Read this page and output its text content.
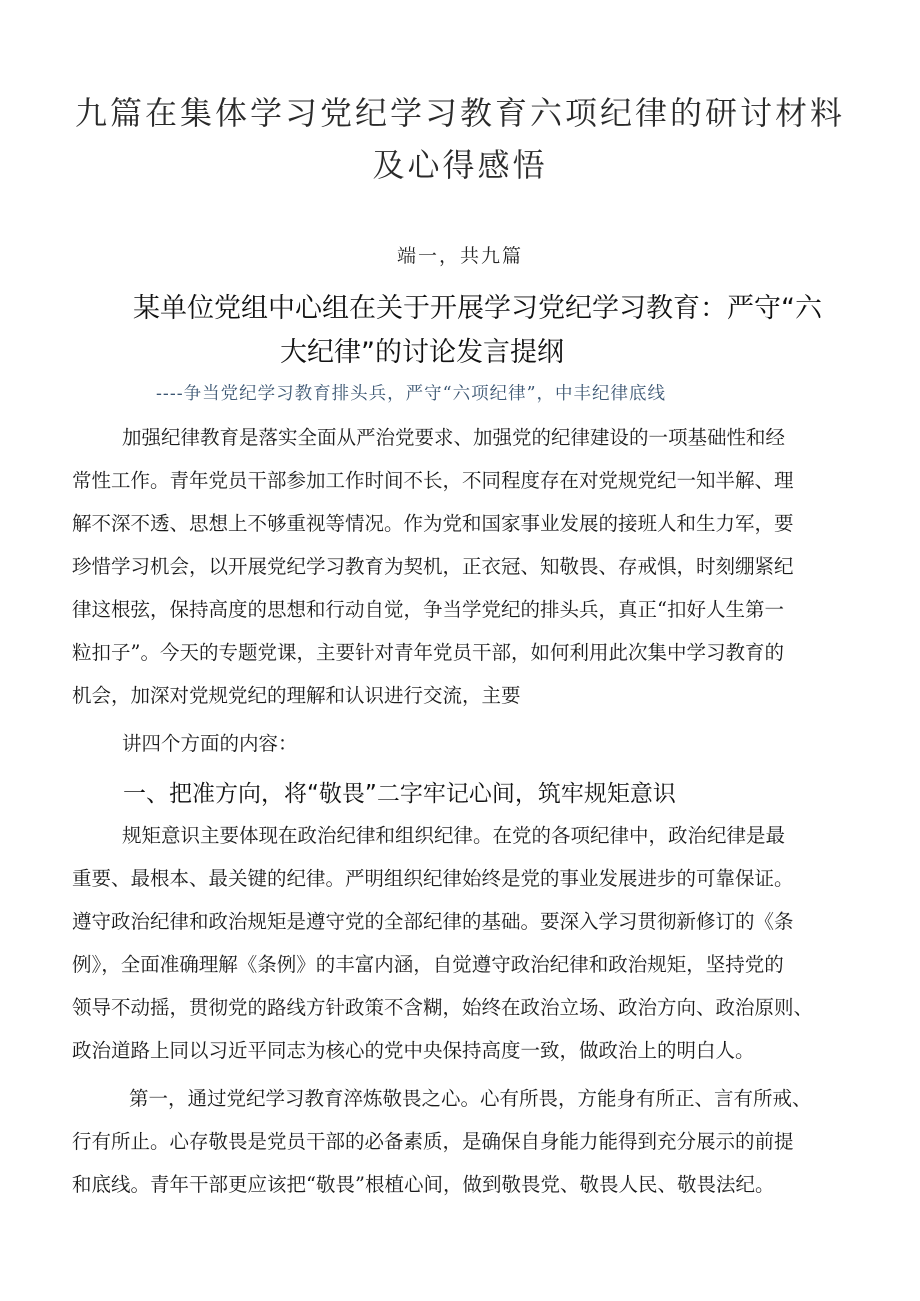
九篇在集体学习党纪学习教育六项纪律的研讨材料
及心得感悟
端一，共九篇
某单位党组中心组在关于开展学习党纪学习教育：严守“六
大纪律”的讨论发言提纲
----争当党纪学习教育排头兵，严守“六项纪律”，中丰纪律底线
加强纪律教育是落实全面从严治党要求、加强党的纪律建设的一项基础性和经
常性工作。青年党员干部参加工作时间不长，不同程度存在对党规党纪一知半解、理
解不深不透、思想上不够重视等情况。作为党和国家事业发展的接班人和生力军，要
珍惜学习机会，以开展党纪学习教育为契机，正衣冠、知敬畏、存戒惧，时刻绷紧纪
律这根弦，保持高度的思想和行动自觉，争当学党纪的排头兵，真正“扣好人生第一
粒扣子”。今天的专题党课，主要针对青年党员干部，如何利用此次集中学习教育的
机会，加深对党规党纪的理解和认识进行交流，主要
讲四个方面的内容：
一、把准方向，将“敬畏”二字牢记心间，筑牢规矩意识
规矩意识主要体现在政治纪律和组织纪律。在党的各项纪律中，政治纪律是最
重要、最根本、最关键的纪律。严明组织纪律始终是党的事业发展进步的可靠保证。
遵守政治纪律和政治规矩是遵守党的全部纪律的基础。要深入学习贯彻新修订的《条
例》，全面准确理解《条例》的丰富内涵，自觉遵守政治纪律和政治规矩，坚持党的
领导不动摇，贯彻党的路线方针政策不含糊，始终在政治立场、政治方向、政治原则、
政治道路上同以习近平同志为核心的党中央保持高度一致，做政治上的明白人。
第一，通过党纪学习教育淬炼敬畏之心。心有所畏，方能身有所正、言有所戒、
行有所止。心存敬畏是党员干部的必备素质，是确保自身能力能得到充分展示的前提
和底线。青年干部更应该把“敬畏”根植心间，做到敬畏党、敬畏人民、敬畏法纪。
